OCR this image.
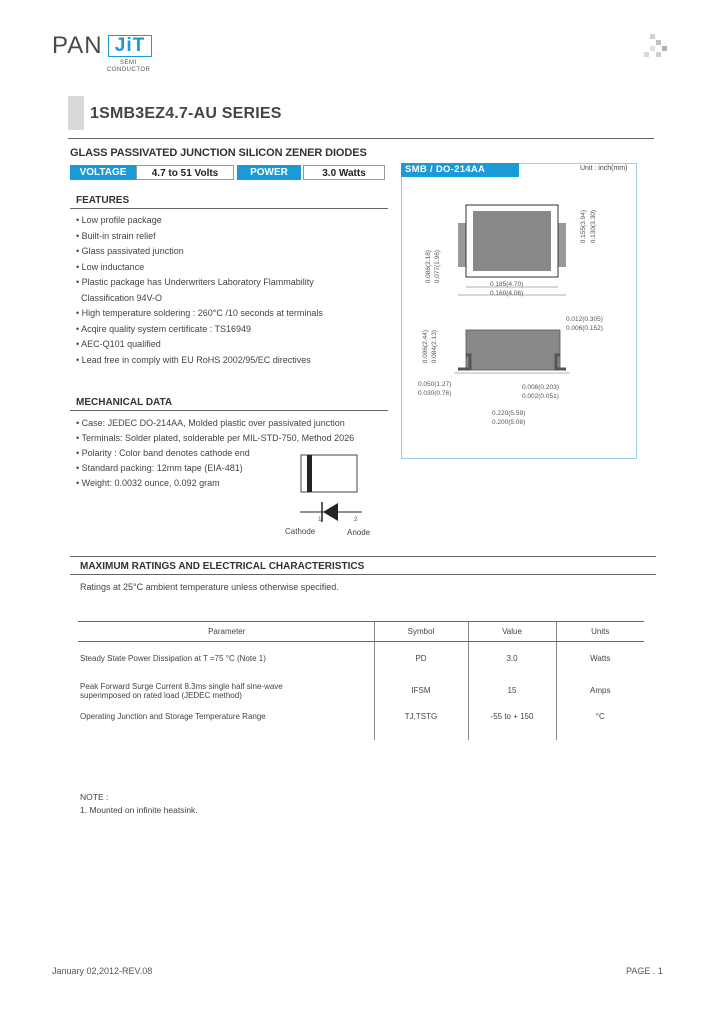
PAN JiT
SEMI
CONDUCTOR
1SMB3EZ4.7-AU SERIES
GLASS PASSIVATED JUNCTION SILICON ZENER DIODES
VOLTAGE	4.7 to 51 Volts	POWER	3.0 Watts
FEATURES
• Low profile package
• Built-in strain relief
• Glass passivated junction
• Low inductance
• Plastic package has Underwriters Laboratory Flammability
Classification 94V-O
• High temperature soldering : 260°C /10 seconds at terminals
• Acqire quality system certificate : TS16949
• AEC-Q101 qualified
• Lead free in comply with EU RoHS 2002/95/EC directives
MECHANICAL DATA
• Case: JEDEC DO-214AA, Molded plastic over passivated junction
• Terminals: Solder plated, solderable per MIL-STD-750, Method 2026
• Polarity : Color band denotes cathode end
• Standard packing: 12mm tape (EIA-481)
• Weight: 0.0032 ounce, 0.092 gram
1	2
Cathode	Anode
SMB / DO-214AA	Unit : inch(mm)
0.155(3.94) 0.130(3.30)
0.086(2.18) 0.077(1.96)
0.185(4.70)
0.160(4.06)
0.012(0.305)
0.006(0.152)
0.096(2.44) 0.084(2.13)
0.050(1.27)
0.030(0.76)
0.008(0.203)
0.002(0.051)
0.220(5.59)
0.200(5.08)
MAXIMUM RATINGS AND ELECTRICAL CHARACTERISTICS
Ratings at 25°C ambient temperature unless otherwise specified.
Parameter	Symbol	Value	Units
Steady State Power Dissipation at T =75 °C (Note 1)	PD	3.0	Watts

Peak Forward Surge Current 8.3ms single half sine-wave
superimposed on rated load (JEDEC method)	IFSM	15	Amps
Operating Junction and Storage Temperature Range	TJ,TSTG	-55 to + 150	°C
NOTE :
1. Mounted on infinite heatsink.
January 02,2012-REV.08	PAGE . 1
